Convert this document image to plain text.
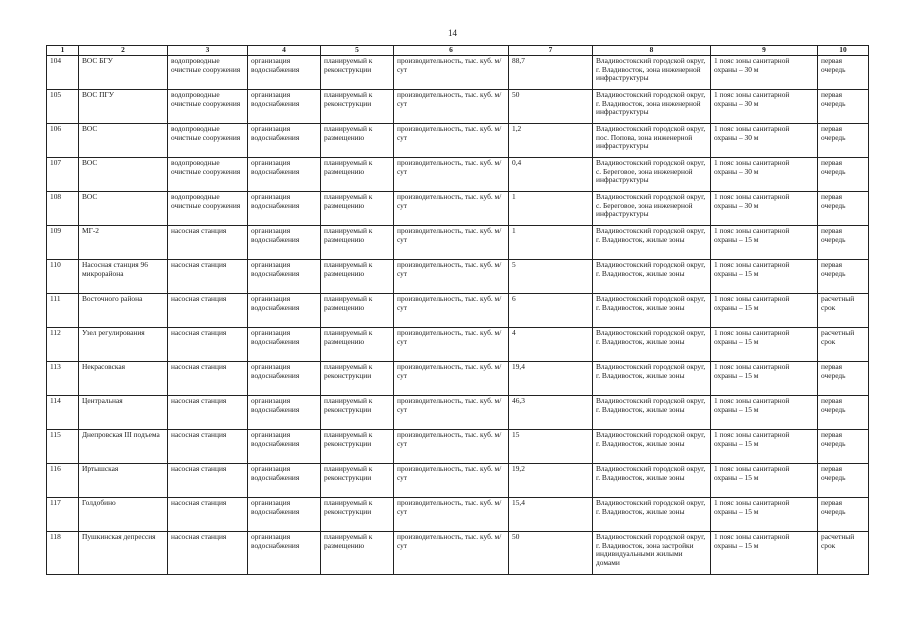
14
1	2	3	4	5	6	7	8	9	10
104	ВОС БГУ	водопроводные очистные сооружения	организация водоснабжения	планируемый к реконструкции	производительность, тыс. куб. м/сут	88,7	Владивостокский городской округ, г. Владивосток, зона инженерной инфраструктуры	1 пояс зоны санитарной охраны – 30 м	первая очередь
105	ВОС ПГУ	водопроводные очистные сооружения	организация водоснабжения	планируемый к реконструкции	производительность, тыс. куб. м/сут	50	Владивостокский городской округ, г. Владивосток, зона инженерной инфраструктуры	1 пояс зоны санитарной охраны – 30 м	первая очередь
106	ВОС	водопроводные очистные сооружения	организация водоснабжения	планируемый к размещению	производительность, тыс. куб. м/сут	1,2	Владивостокский городской округ, пос. Попова, зона инженерной инфраструктуры	1 пояс зоны санитарной охраны – 30 м	первая очередь
107	ВОС	водопроводные очистные сооружения	организация водоснабжения	планируемый к размещению	производительность, тыс. куб. м/сут	0,4	Владивостокский городской округ, с. Береговое, зона инженерной инфраструктуры	1 пояс зоны санитарной охраны – 30 м	первая очередь
108	ВОС	водопроводные очистные сооружения	организация водоснабжения	планируемый к размещению	производительность, тыс. куб. м/сут	1	Владивостокский городской округ, с. Береговое, зона инженерной инфраструктуры	1 пояс зоны санитарной охраны – 30 м	первая очередь
109	МГ-2	насосная станция	организация водоснабжения	планируемый к размещению	производительность, тыс. куб. м/сут	1	Владивостокский городской округ, г. Владивосток, жилые зоны	1 пояс зоны санитарной охраны – 15 м	первая очередь
110	Насосная станция 96 микрорайона	насосная станция	организация водоснабжения	планируемый к размещению	производительность, тыс. куб. м/сут	5	Владивостокский городской округ, г. Владивосток, жилые зоны	1 пояс зоны санитарной охраны – 15 м	первая очередь
111	Восточного района	насосная станция	организация водоснабжения	планируемый к размещению	производительность, тыс. куб. м/сут	6	Владивостокский городской округ, г. Владивосток, жилые зоны	1 пояс зоны санитарной охраны – 15 м	расчетный срок
112	Узел регулирования	насосная станция	организация водоснабжения	планируемый к размещению	производительность, тыс. куб. м/сут	4	Владивостокский городской округ, г. Владивосток, жилые зоны	1 пояс зоны санитарной охраны – 15 м	расчетный срок
113	Некрасовская	насосная станция	организация водоснабжения	планируемый к реконструкции	производительность, тыс. куб. м/сут	19,4	Владивостокский городской округ, г. Владивосток, жилые зоны	1 пояс зоны санитарной охраны – 15 м	первая очередь
114	Центральная	насосная станция	организация водоснабжения	планируемый к реконструкции	производительность, тыс. куб. м/сут	46,3	Владивостокский городской округ, г. Владивосток, жилые зоны	1 пояс зоны санитарной охраны – 15 м	первая очередь
115	Днепровская III подъема	насосная станция	организация водоснабжения	планируемый к реконструкции	производительность, тыс. куб. м/сут	15	Владивостокский городской округ, г. Владивосток, жилые зоны	1 пояс зоны санитарной охраны – 15 м	первая очередь
116	Иртышская	насосная станция	организация водоснабжения	планируемый к реконструкции	производительность, тыс. куб. м/сут	19,2	Владивостокский городской округ, г. Владивосток, жилые зоны	1 пояс зоны санитарной охраны – 15 м	первая очередь
117	Голдобино	насосная станция	организация водоснабжения	планируемый к реконструкции	производительность, тыс. куб. м/сут	15,4	Владивостокский городской округ, г. Владивосток, жилые зоны	1 пояс зоны санитарной охраны – 15 м	первая очередь
118	Пушкинская депрессия	насосная станция	организация водоснабжения	планируемый к размещению	производительность, тыс. куб. м/сут	50	Владивостокский городской округ, г. Владивосток, зона застройки индивидуальными жилыми домами	1 пояс зоны санитарной охраны – 15 м	расчетный срок
